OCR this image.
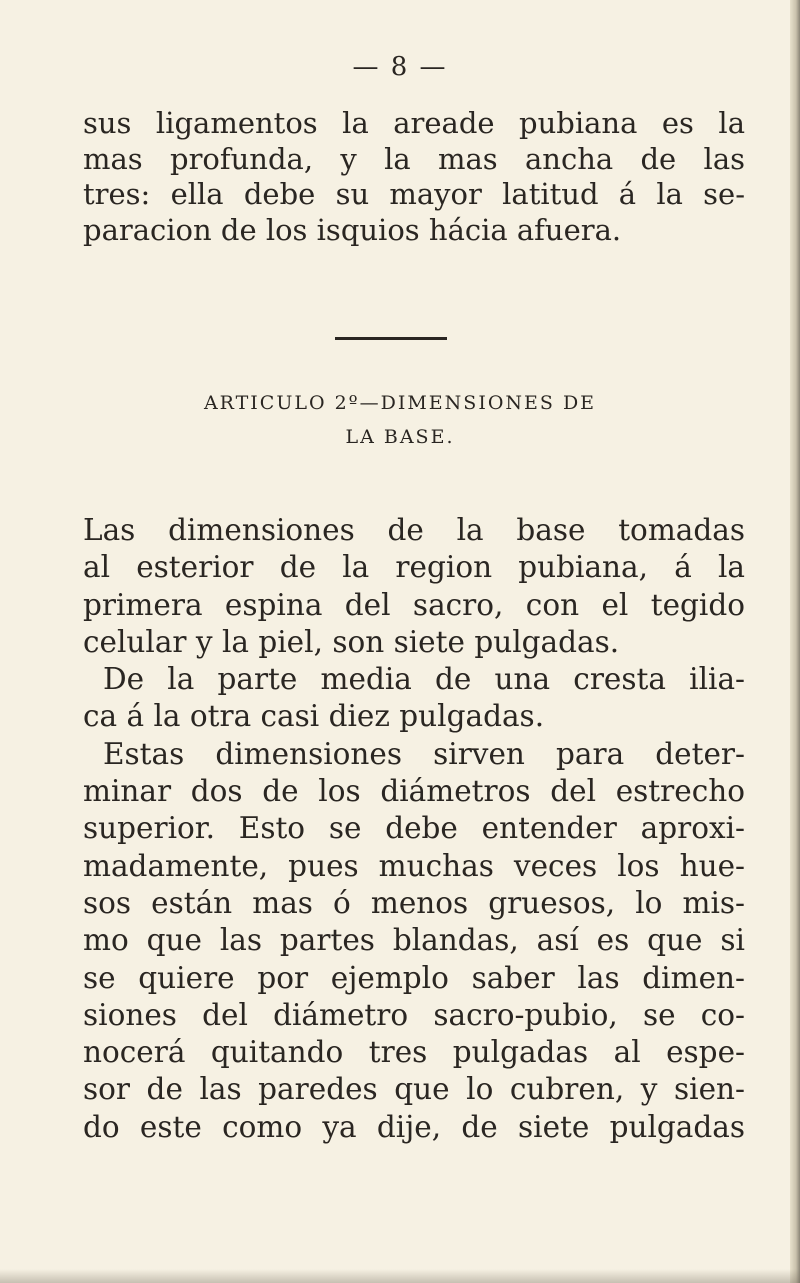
— 8 —
sus ligamentos la areade pubiana es la
mas profunda, y la mas ancha de las
tres: ella debe su mayor latitud á la se-
paracion de los isquios hácia afuera.
ARTICULO 2º—DIMENSIONES DE
LA BASE.
Las dimensiones de la base tomadas
al esterior de la region pubiana, á la
primera espina del sacro, con el tegido
celular y la piel, son siete pulgadas.
De la parte media de una cresta ilia-
ca á la otra casi diez pulgadas.
Estas dimensiones sirven para deter-
minar dos de los diámetros del estrecho
superior. Esto se debe entender aproxi-
madamente, pues muchas veces los hue-
sos están mas ó menos gruesos, lo mis-
mo que las partes blandas, así es que si
se quiere por ejemplo saber las dimen-
siones del diámetro sacro-pubio, se co-
nocerá quitando tres pulgadas al espe-
sor de las paredes que lo cubren, y sien-
do este como ya dije, de siete pulgadas
